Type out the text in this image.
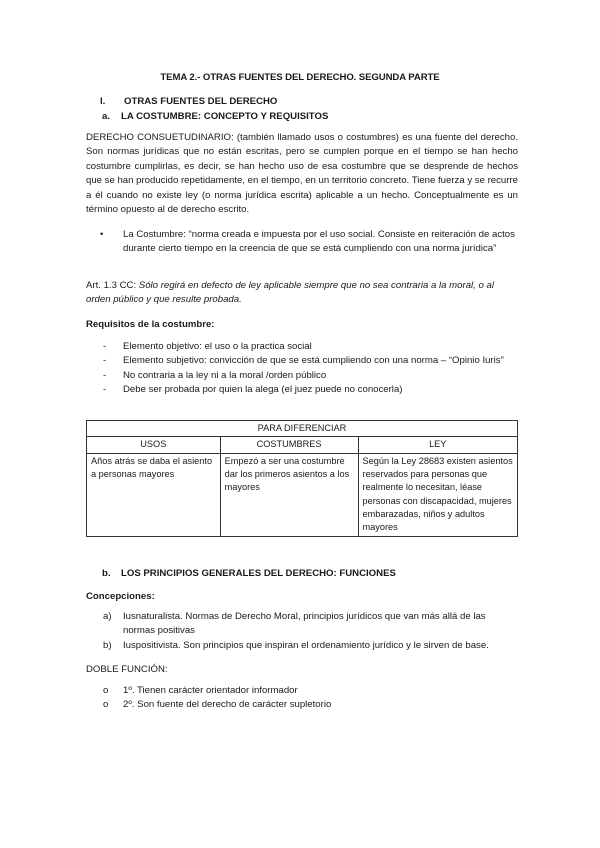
TEMA 2.- OTRAS FUENTES DEL DERECHO. SEGUNDA PARTE
I. OTRAS FUENTES DEL DERECHO
a. LA COSTUMBRE: CONCEPTO Y REQUISITOS
DERECHO CONSUETUDINARIO: (también llamado usos o costumbres) es una fuente del derecho. Son normas jurídicas que no están escritas, pero se cumplen porque en el tiempo se han hecho costumbre cumplirlas, es decir, se han hecho uso de esa costumbre que se desprende de hechos que se han producido repetidamente, en el tiempo, en un territorio concreto. Tiene fuerza y se recurre a él cuando no existe ley (o norma jurídica escrita) aplicable a un hecho. Conceptualmente es un término opuesto al de derecho escrito.
• La Costumbre: “norma creada e impuesta por el uso social. Consiste en reiteración de actos durante cierto tiempo en la creencia de que se está cumpliendo con una norma jurídica”
Art. 1.3 CC: Sólo regirá en defecto de ley aplicable siempre que no sea contraria a la moral, o al orden público y que resulte probada.
Requisitos de la costumbre:
- Elemento objetivo: el uso o la practica social
- Elemento subjetivo: convicción de que se está cumpliendo con una norma – “Opinio Iuris”
- No contraria a la ley ni a la moral /orden público
- Debe ser probada por quien la alega (el juez puede no conocerla)
PARA DIFERENCIAR		
USOS	COSTUMBRES	LEY
Años atrás se daba el asiento a personas mayores	Empezó a ser una costumbre dar los primeros asientos a los mayores	Según la Ley 28683 existen asientos reservados para personas que realmente lo necesitan, léase personas con discapacidad, mujeres embarazadas, niños y adultos mayores
b. LOS PRINCIPIOS GENERALES DEL DERECHO: FUNCIONES
Concepciones:
a) Iusnaturalista. Normas de Derecho Moral, principios jurídicos que van más allá de las normas positivas
b) Iuspositivista. Son principios que inspiran el ordenamiento jurídico y le sirven de base.
DOBLE FUNCIÓN:
o 1º. Tienen carácter orientador informador
o 2º. Son fuente del derecho de carácter supletorio
